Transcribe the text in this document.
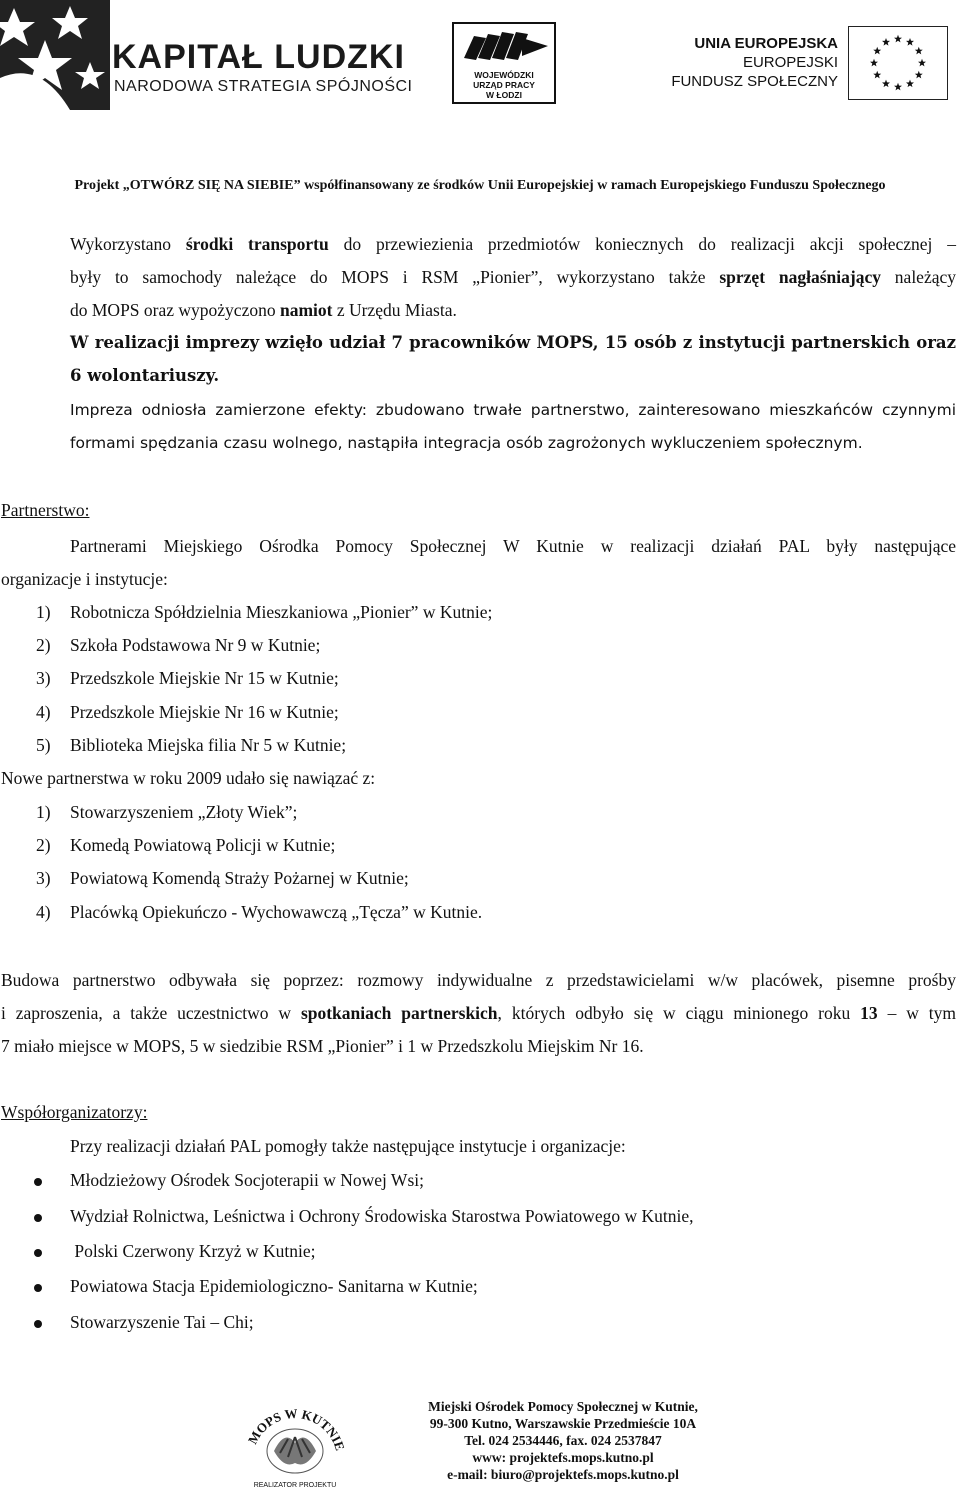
KAPITAŁ LUDZKI
NARODOWA STRATEGIA SPÓJNOŚCI
WOJEWÓDZKI
URZĄD PRACY
W ŁODZI
UNIA EUROPEJSKA
EUROPEJSKI
FUNDUSZ SPOŁECZNY
Projekt „OTWÓRZ SIĘ NA SIEBIE” współfinansowany ze środków Unii Europejskiej w ramach Europejskiego Funduszu Społecznego
Wykorzystano środki transportu do przewiezienia przedmiotów koniecznych do realizacji akcji społecznej –
były to samochody należące do MOPS i RSM „Pionier”, wykorzystano także sprzęt nagłaśniający należący
do MOPS oraz wypożyczono namiot z Urzędu Miasta.
W realizacji imprezy wzięło udział 7 pracowników MOPS, 15 osób z instytucji partnerskich oraz
6 wolontariuszy.
Impreza odniosła zamierzone efekty: zbudowano trwałe partnerstwo, zainteresowano mieszkańców czynnymi
formami spędzania czasu wolnego, nastąpiła integracja osób zagrożonych wykluczeniem społecznym.
Partnerstwo:
Partnerami Miejskiego Ośrodka Pomocy Społecznej W Kutnie w realizacji działań PAL były następujące
organizacje i instytucje:
1) Robotnicza Spółdzielnia Mieszkaniowa „Pionier” w Kutnie;
2) Szkoła Podstawowa Nr 9 w Kutnie;
3) Przedszkole Miejskie Nr 15 w Kutnie;
4) Przedszkole Miejskie Nr 16 w Kutnie;
5) Biblioteka Miejska filia Nr 5 w Kutnie;
Nowe partnerstwa w roku 2009 udało się nawiązać z:
1) Stowarzyszeniem „Złoty Wiek”;
2) Komedą Powiatową Policji w Kutnie;
3) Powiatową Komendą Straży Pożarnej w Kutnie;
4) Placówką Opiekuńczo - Wychowawczą „Tęcza” w Kutnie.
Budowa partnerstwo odbywała się poprzez: rozmowy indywidualne z przedstawicielami w/w placówek, pisemne prośby
i zaproszenia, a także uczestnictwo w spotkaniach partnerskich, których odbyło się w ciągu minionego roku 13 – w tym
7 miało miejsce w MOPS, 5 w siedzibie RSM „Pionier” i 1 w Przedszkolu Miejskim Nr 16.
Współorganizatorzy:
Przy realizacji działań PAL pomogły także następujące instytucje i organizacje:
Młodzieżowy Ośrodek Socjoterapii w Nowej Wsi;
Wydział Rolnictwa, Leśnictwa i Ochrony Środowiska Starostwa Powiatowego w Kutnie,
Polski Czerwony Krzyż w Kutnie;
Powiatowa Stacja Epidemiologiczno- Sanitarna w Kutnie;
Stowarzyszenie Tai – Chi;
MOPS W KUTNIE
REALIZATOR PROJEKTU
Miejski Ośrodek Pomocy Społecznej w Kutnie,
99-300 Kutno, Warszawskie Przedmieście 10A
Tel. 024 2534446, fax. 024 2537847
www: projektefs.mops.kutno.pl
e-mail: biuro@projektefs.mops.kutno.pl
